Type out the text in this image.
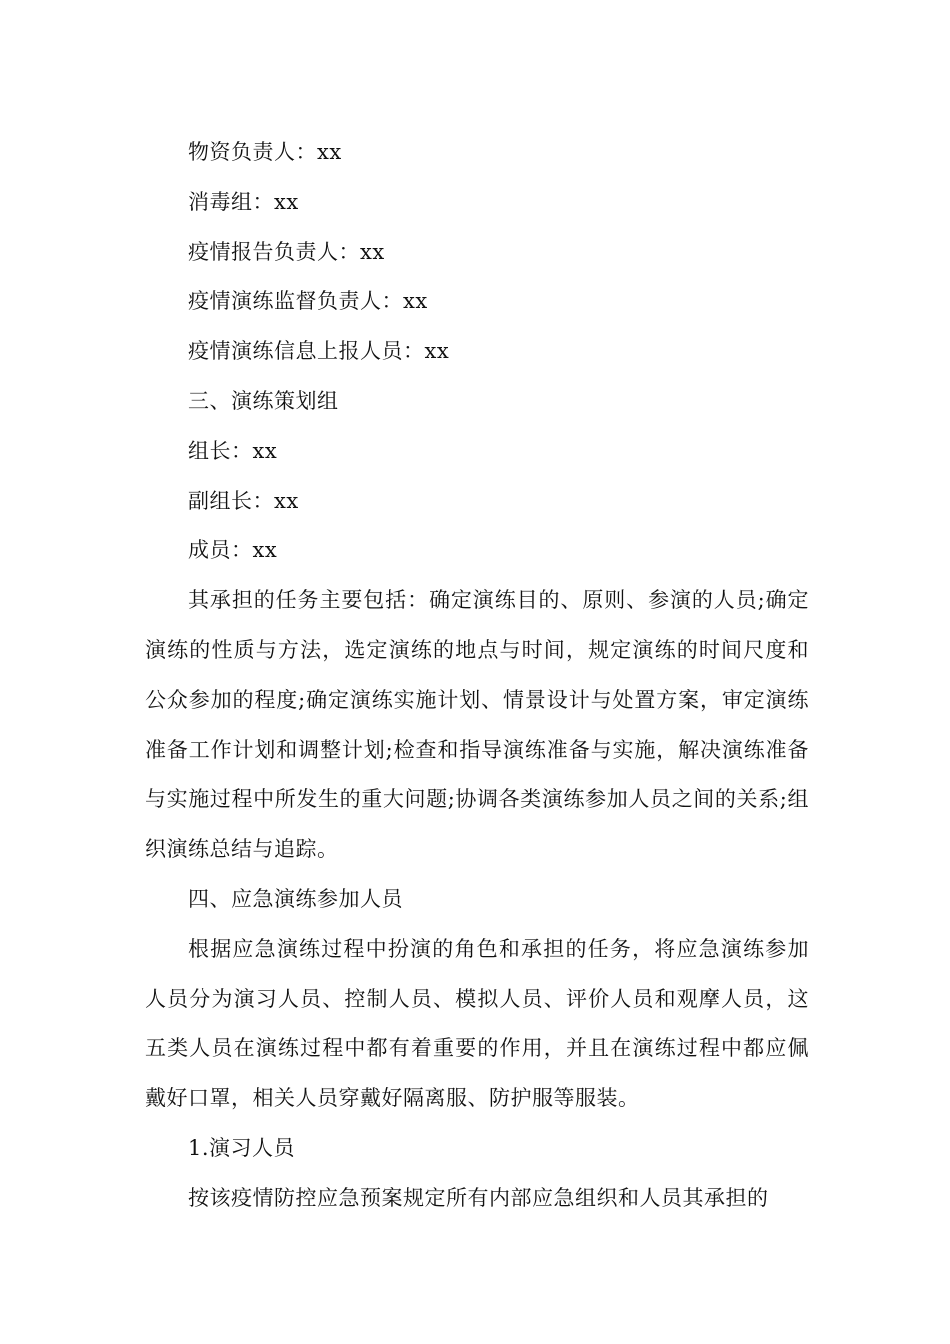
物资负责人：xx
消毒组：xx
疫情报告负责人：xx
疫情演练监督负责人：xx
疫情演练信息上报人员：xx
三、演练策划组
组长：xx
副组长：xx
成员：xx
其承担的任务主要包括：确定演练目的、原则、参演的人员;确定演练的性质与方法，选定演练的地点与时间，规定演练的时间尺度和公众参加的程度;确定演练实施计划、情景设计与处置方案，审定演练准备工作计划和调整计划;检查和指导演练准备与实施，解决演练准备与实施过程中所发生的重大问题;协调各类演练参加人员之间的关系;组织演练总结与追踪。
四、应急演练参加人员
根据应急演练过程中扮演的角色和承担的任务，将应急演练参加人员分为演习人员、控制人员、模拟人员、评价人员和观摩人员，这五类人员在演练过程中都有着重要的作用，并且在演练过程中都应佩戴好口罩，相关人员穿戴好隔离服、防护服等服装。
1.演习人员
按该疫情防控应急预案规定所有内部应急组织和人员其承担的
